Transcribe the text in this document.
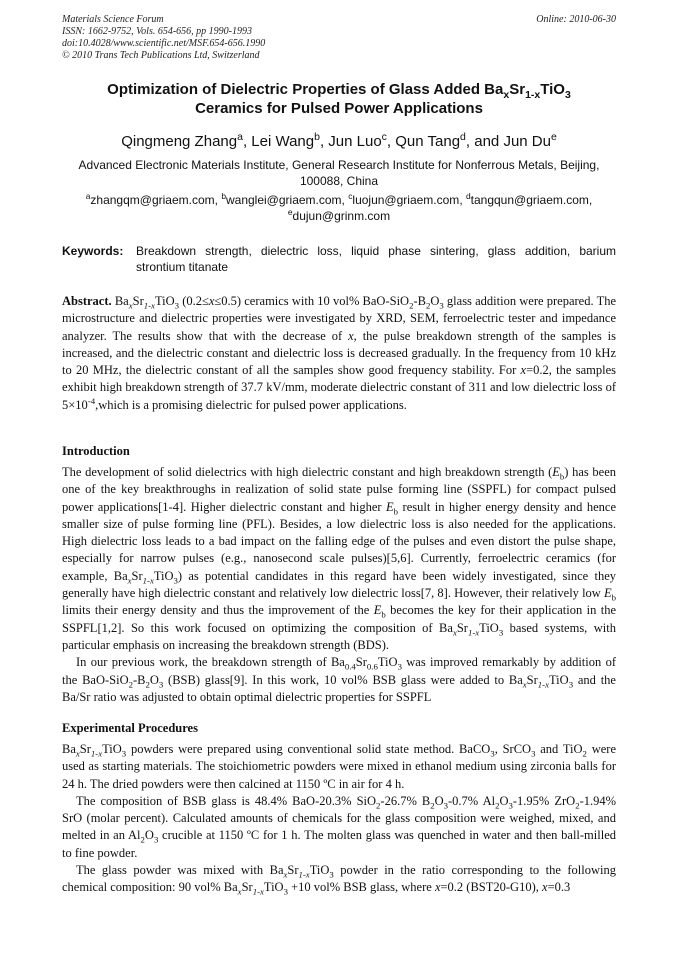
Materials Science Forum
ISSN: 1662-9752, Vols. 654-656, pp 1990-1993
doi:10.4028/www.scientific.net/MSF.654-656.1990
© 2010 Trans Tech Publications Ltd, Switzerland
Online: 2010-06-30
Optimization of Dielectric Properties of Glass Added $Ba_xSr_{1-x}TiO_3$
Ceramics for Pulsed Power Applications
Qingmeng Zhang$^a$, Lei Wang$^b$, Jun Luo$^c$, Qun Tang$^d$, and Jun Du$^e$
Advanced Electronic Materials Institute, General Research Institute for Nonferrous Metals, Beijing, 100088, China
$^a$zhangqm@griaem.com, $^b$wanglei@griaem.com, $^c$luojun@griaem.com, $^d$tangqun@griaem.com,
$^e$dujun@grinm.com
Keywords:	Breakdown strength, dielectric loss, liquid phase sintering, glass addition, barium strontium titanate

Abstract. $Ba_xSr_{1-x}TiO_3$ (0.2≤x≤0.5) ceramics with 10 vol% BaO-$SiO_2-B_2O_3$ glass addition were prepared. The microstructure and dielectric properties were investigated by XRD, SEM, ferroelectric tester and impedance analyzer. The results show that with the decrease of x, the pulse breakdown strength of the samples is increased, and the dielectric constant and dielectric loss is decreased gradually. In the frequency from 10 kHz to 20 MHz, the dielectric constant of all the samples show good frequency stability. For x=0.2, the samples exhibit high breakdown strength of 37.7 kV/mm, moderate dielectric constant of 311 and low dielectric loss of $5\times 10^{-4},which$ is a promising dielectric for pulsed power applications.

Introduction

The development of solid dielectrics with high dielectric constant and high breakdown strength $(E_b)$ has been one of the key breakthroughs in realization of solid state pulse forming line (SSPFL) for compact pulsed power applications[1-4]. Higher dielectric constant and higher $E_b$ result in higher energy density and hence smaller size of pulse forming line (PFL). Besides, a low dielectric loss is also needed for the applications. High dielectric loss leads to a bad impact on the falling edge of the pulses and even distort the pulse shape, especially for narrow pulses (e.g., nanosecond scale pulses)[5,6]. Currently, ferroelectric ceramics (for example, $Ba_xSr_{1-x}TiO_3$) as potential candidates in this regard have been widely investigated, since they generally have high dielectric constant and relatively low dielectric loss[7, 8]. However, their relatively low $E_b$ limits their energy density and thus the improvement of the $E_b$ becomes the key for their application in the SSPFL[1,2]. So this work focused on optimizing the composition of $Ba_xSr_{1-x}TiO_3$ based systems, with particular emphasis on increasing the breakdown strength (BDS).

In our previous work, the breakdown strength of $Ba_{0.4}Sr_{0.6}TiO_3$ was improved remarkably by addition of the BaO-$SiO_2-B_2O_3$ (BSB) glass[9]. In this work, 10 vol% BSB glass were added to $Ba_xSr_{1-x}TiO_3$ and the Ba/Sr ratio was adjusted to obtain optimal dielectric properties for SSPFL

Experimental Procedures

$Ba_xSr_{1-x}TiO_3$ powders were prepared using conventional solid state method. BaCO$_3$, SrCO$_3$ and TiO$_2$ were used as starting materials. The stoichiometric powders were mixed in ethanol medium using zirconia balls for 24 h. The dried powders were then calcined at 1150 ºC in air for 4 h.

The composition of BSB glass is 48.4% BaO-20.3% SiO$_2$-26.7% $B_2O_3-0.7\%$ $Al_2O_3-1.95\%$ ZrO$_2$-1.94% SrO (molar percent). Calculated amounts of chemicals for the glass composition were weighed, mixed, and melted in an $Al_2O_3$ crucible at 1150 ºC for 1 h. The molten glass was quenched in water and then ball-milled to fine powder.

The glass powder was mixed with $Ba_xSr_{1-x}TiO_3$ powder in the ratio corresponding to the following chemical composition: 90 vol% $Ba_xSr_{1-x}TiO_3 +10$ vol% BSB glass, where x=0.2 (BST20-G10), x=0.3
